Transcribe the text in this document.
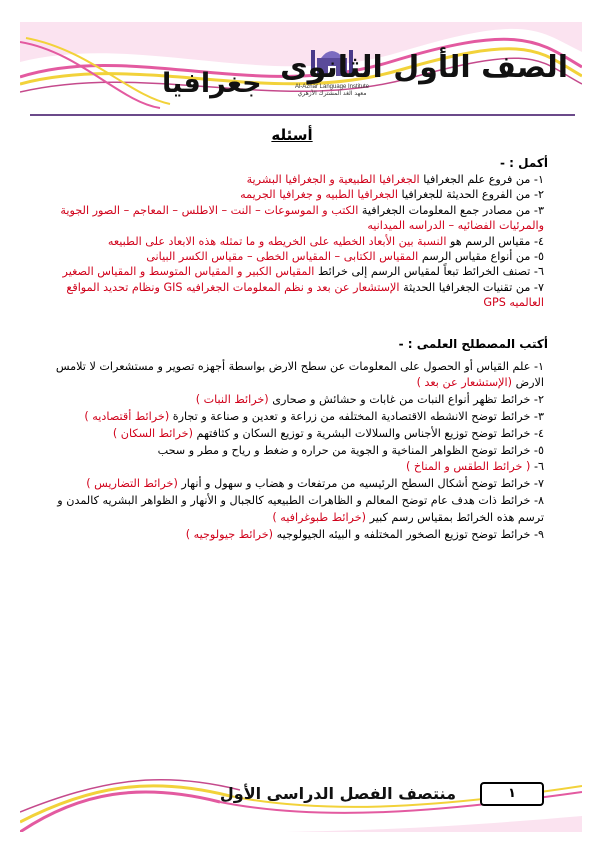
Al-Azhar Language Institute
معهد الغد المشترك الأزهري
الصف الأول الثانوى
جغرافيا
أسئله
أكمل : -

١- من فروع علم الجغرافيا الجغرافيا الطبيعية و الجغرافيا البشرية

٢- من الفروع الحديثة للجغرافيا الجغرافيا الطبيه و جغرافيا الجريمه

٣- من مصادر جمع المعلومات الجغرافية الكتب و الموسوعات – النت – الاطلس – المعاجم – الصور الجوية والمرئيات الفضائيه – الدراسه الميدانيه

٤- مقياس الرسم هو النسبة بين الأبعاد الخطيه على الخريطه و ما تمثله هذه الابعاد على الطبيعه

٥- من أنواع مقياس الرسم المقياس الكتابى – المقياس الخطى – مقياس الكسر البيانى

٦- تصنف الخرائط تبعاً لمقياس الرسم إلى خرائط المقياس الكبير و المقياس المتوسط و المقياس الصغير

٧- من تقنيات الجغرافيا الحديثة الإستشعار عن بعد و نظم المعلومات الجغرافيه GIS ونظام تحديد المواقع العالميه GPS

أكتب المصطلح العلمى : -

١- علم القياس أو الحصول على المعلومات عن سطح الارض بواسطة أجهزه تصوير و مستشعرات لا تلامس الارض (الإستشعار عن بعد )

٢- خرائط تظهر أنواع النبات من غابات و حشائش و صحارى (خرائط النبات )

٣- خرائط توضح الانشطه الاقتصادية المختلفه من زراعة و تعدين و صناعة و تجارة (خرائط أقتصاديه )

٤- خرائط توضح توزيع الأجناس والسلالات البشرية و توزيع السكان و كثافتهم (خرائط السكان )

٥- خرائط توضح الظواهر المناخية و الجوية من حراره و ضغط و رياح و مطر و سحب

٦- ( خرائط الطقس و المناخ )

٧- خرائط توضح أشكال السطح الرئيسيه من مرتفعات و هضاب و سهول و أنهار (خرائط التضاريس )

٨- خرائط ذات هدف عام توضح المعالم و الظاهرات الطبيعيه كالجبال و الأنهار و الظواهر البشريه كالمدن و ترسم هذه الخرائط بمقياس رسم كبير (خرائط طبوغرافيه )

٩- خرائط توضح توزيع الصخور المختلفه و البيئه الجيولوجيه (خرائط جيولوجيه )

منتصف الفصل الدراسى الأول	١
